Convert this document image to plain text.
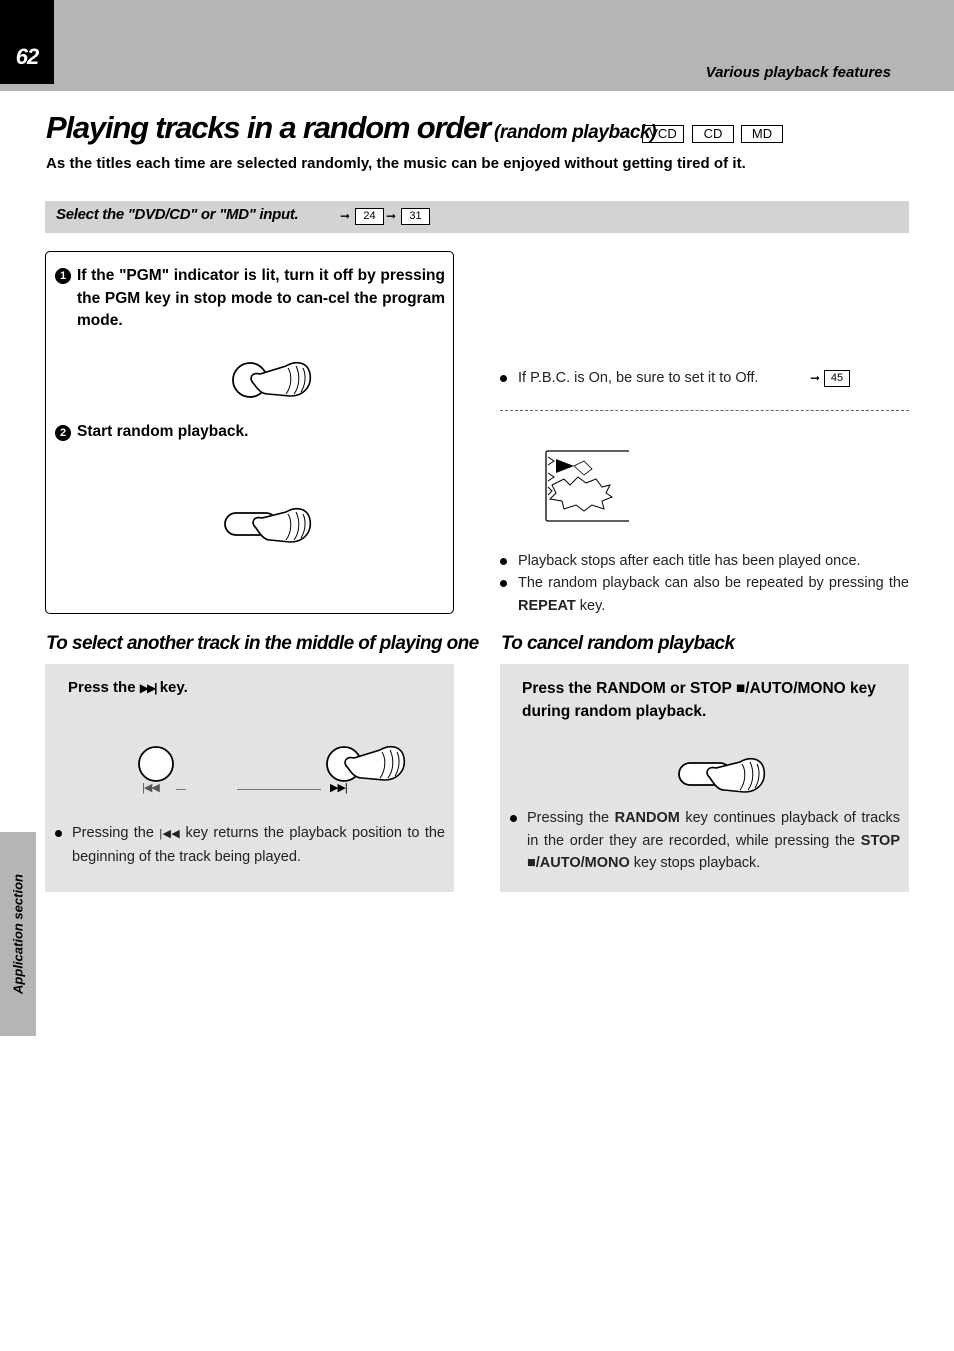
62
Various playback features
Playing tracks in a random order (random playback)
VCD	CD	MD
As the titles each time are selected randomly, the music can be enjoyed without getting tired of it.
Select the "DVD/CD" or "MD" input.	➞	24 ➞	31
1 If the "PGM" indicator is lit, turn it off by pressing the PGM key in stop mode to can-cel the program mode.
2 Start random playback.
If P.B.C. is On, be sure to set it to Off.	➞ 45
Playback stops after each title has been played once.
The random playback can also be repeated by pressing the REPEAT key.
To select another track in the middle of playing one To cancel random playback
Press the ▶▶| key.
|◀◀	▶▶|
Pressing the |◀◀ key returns the playback position to the beginning of the track being played.
Press the RANDOM or STOP ■/AUTO/MONO key during random playback.
Pressing the RANDOM key continues playback of tracks in the order they are recorded, while pressing the STOP ■/AUTO/MONO key stops playback.
Application section
